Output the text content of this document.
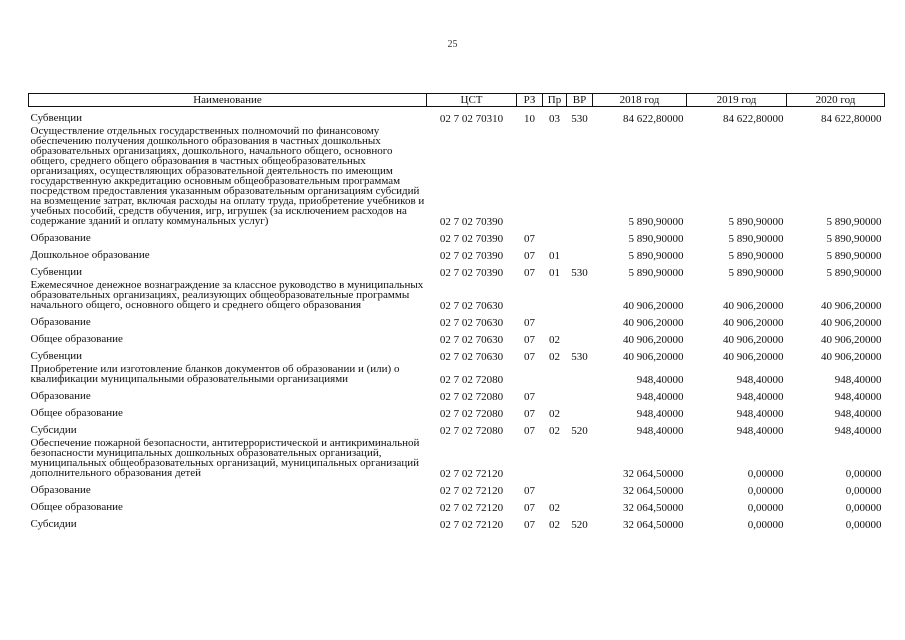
25
Наименование	ЦСТ	РЗ	Пр	ВР	2018 год	2019 год	2020 год
Субвенции	02 7 02 70310	10	03	530	84 622,80000	84 622,80000	84 622,80000
Осуществление отдельных государственных полномочий по финансовому обеспечению получения дошкольного образования в частных дошкольных образовательных организациях, дошкольного, начального общего, основного общего, среднего общего образования в частных общеобразовательных организациях, осуществляющих образовательной деятельность по имеющим государственную аккредитацию основным общеобразовательным программам посредством предоставления указанным образовательным организациям субсидий на возмещение затрат, включая расходы на оплату труда, приобретение учебников и учебных пособий, средств обучения, игр, игрушек (за исключением расходов на содержание зданий и оплату коммунальных услуг)	02 7 02 70390				5 890,90000	5 890,90000	5 890,90000
Образование	02 7 02 70390	07			5 890,90000	5 890,90000	5 890,90000
Дошкольное образование	02 7 02 70390	07	01		5 890,90000	5 890,90000	5 890,90000
Субвенции	02 7 02 70390	07	01	530	5 890,90000	5 890,90000	5 890,90000
Ежемесячное денежное вознаграждение за классное руководство в муниципальных образовательных организациях, реализующих общеобразовательные программы начального общего, основного общего и среднего общего образования	02 7 02 70630				40 906,20000	40 906,20000	40 906,20000
Образование	02 7 02 70630	07			40 906,20000	40 906,20000	40 906,20000
Общее образование	02 7 02 70630	07	02		40 906,20000	40 906,20000	40 906,20000
Субвенции	02 7 02 70630	07	02	530	40 906,20000	40 906,20000	40 906,20000
Приобретение или изготовление бланков документов об образовании и (или) о квалификации муниципальными образовательными организациями	02 7 02 72080				948,40000	948,40000	948,40000
Образование	02 7 02 72080	07			948,40000	948,40000	948,40000
Общее образование	02 7 02 72080	07	02		948,40000	948,40000	948,40000
Субсидии	02 7 02 72080	07	02	520	948,40000	948,40000	948,40000
Обеспечение пожарной безопасности, антитеррористической и антикриминальной безопасности муниципальных дошкольных образовательных организаций, муниципальных общеобразовательных организаций, муниципальных организаций дополнительного образования детей	02 7 02 72120				32 064,50000	0,00000	0,00000
Образование	02 7 02 72120	07			32 064,50000	0,00000	0,00000
Общее образование	02 7 02 72120	07	02		32 064,50000	0,00000	0,00000
Субсидии	02 7 02 72120	07	02	520	32 064,50000	0,00000	0,00000
